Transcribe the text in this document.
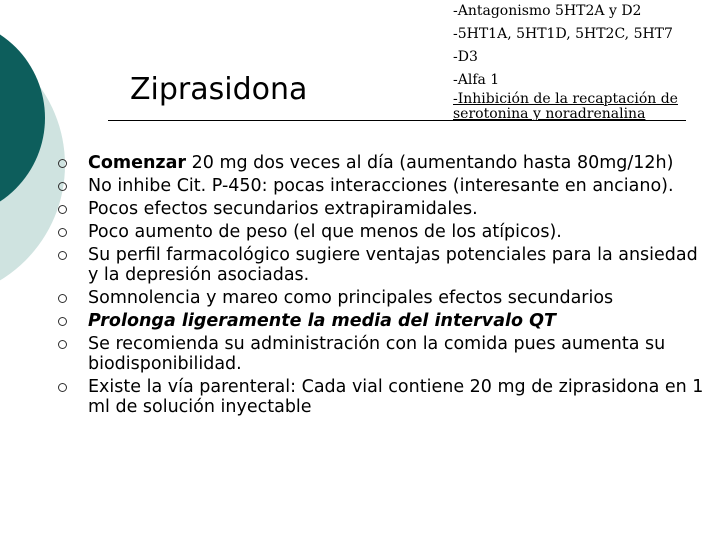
Ziprasidona
-Antagonismo 5HT2A y D2
-5HT1A, 5HT1D, 5HT2C, 5HT7
-D3
-Alfa 1
-Inhibición de la recaptación de serotonina y noradrenalina
Comenzar 20 mg dos veces al día (aumentando hasta 80mg/12h)
No inhibe Cit. P-450: pocas interacciones (interesante en anciano).
Pocos efectos secundarios extrapiramidales.
Poco aumento de peso (el que menos de los atípicos).
Su perfil farmacológico sugiere ventajas potenciales para la ansiedad y la depresión asociadas.
Somnolencia y mareo como principales efectos secundarios
Prolonga ligeramente la media del intervalo QT
Se recomienda su administración con la comida pues aumenta su biodisponibilidad.
Existe la vía parenteral: Cada vial contiene 20 mg de ziprasidona en 1 ml de solución inyectable
